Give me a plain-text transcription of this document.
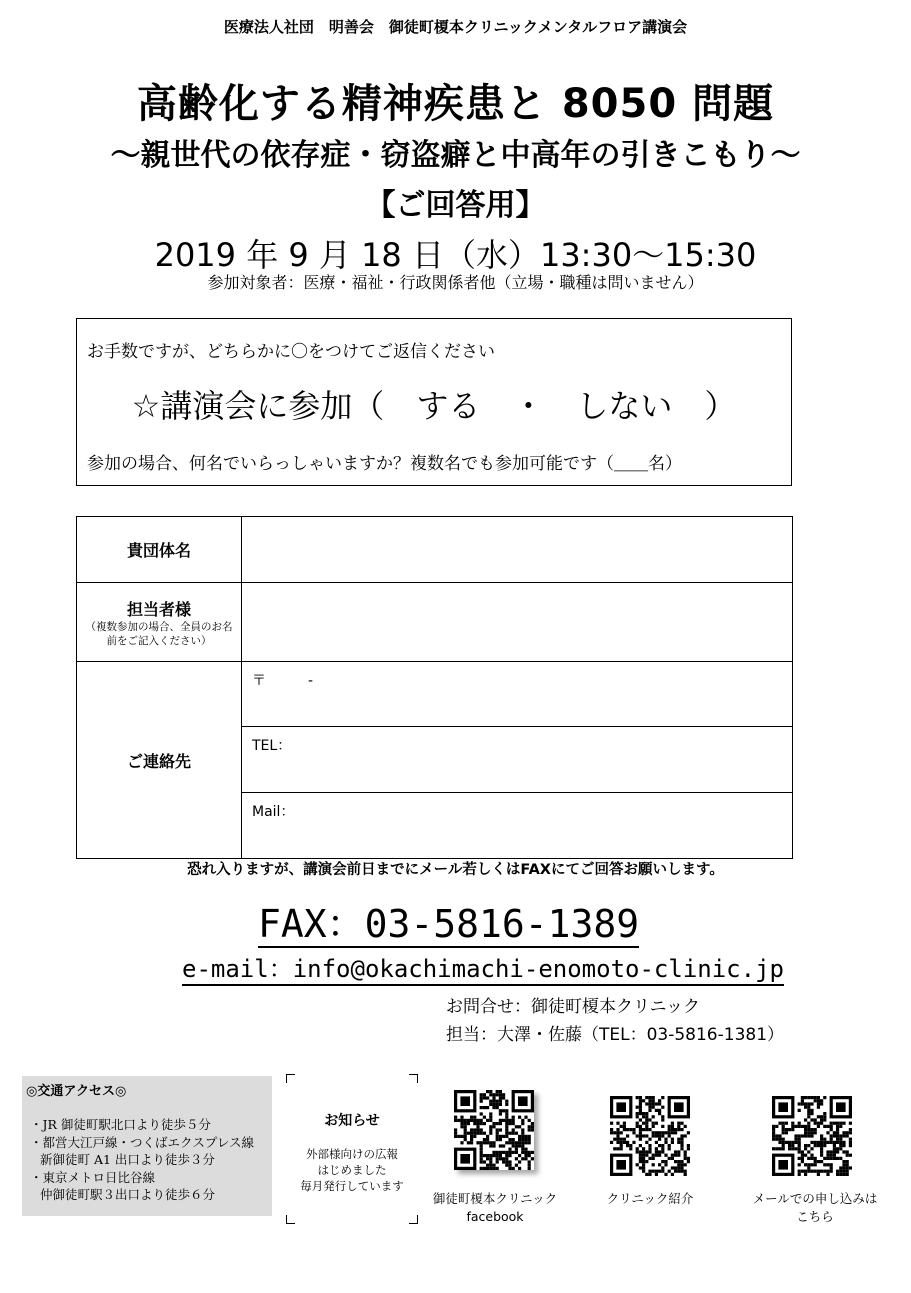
医療法人社団　明善会　御徒町榎本クリニックメンタルフロア講演会
高齢化する精神疾患と 8050 問題
～親世代の依存症・窃盗癖と中高年の引きこもり～
【ご回答用】
2019 年 9 月 18 日（水）13:30～15:30
参加対象者：医療・福祉・行政関係者他（立場・職種は問いません）
お手数ですが、どちらかに〇をつけてご返信ください
☆講演会に参加（　する　・　しない　）
参加の場合、何名でいらっしゃいますか？複数名でも参加可能です（＿＿名）
貴団体名	
担当者様
（複数参加の場合、全員のお名前をご記入ください）	

ご連絡先	〒　　　-
	TEL：
	Mail：
恐れ入りますが、講演会前日までにメール若しくはFAXにてご回答お願いします。
FAX：03-5816-1389
e-mail：info@okachimachi-enomoto-clinic.jp
お問合せ：御徒町榎本クリニック
担当：大澤・佐藤（TEL：03-5816-1381）
◎交通アクセス◎
・JR 御徒町駅北口より徒歩５分
・都営大江戸線・つくばエクスプレス線
新御徒町 A1 出口より徒歩３分
・東京メトロ日比谷線
仲御徒町駅３出口より徒歩６分
お知らせ
外部様向けの広報
はじめました
毎月発行しています
御徒町榎本クリニック
facebook
クリニック紹介	メールでの申し込みは
こちら
